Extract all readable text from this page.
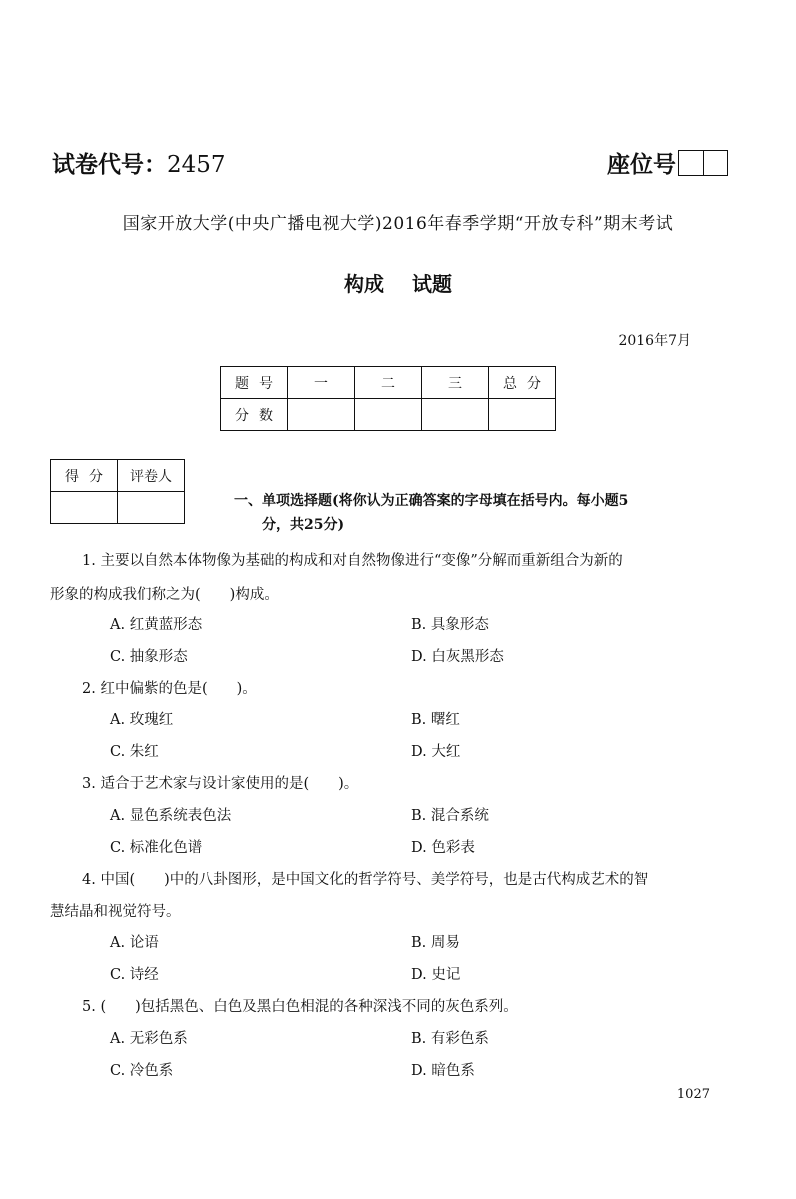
试卷代号：2457	座位号
国家开放大学(中央广播电视大学)2016年春季学期“开放专科”期末考试
构成 试题
2016年7月
题号	一	二	三	总分
分数				
得分	评卷人

一、单项选择题(将你认为正确答案的字母填在括号内。每小题5
分，共25分)
1. 主要以自然本体物像为基础的构成和对自然物像进行“变像”分解而重新组合为新的
形象的构成我们称之为(　　)构成。
A. 红黄蓝形态	B. 具象形态
C. 抽象形态	D. 白灰黑形态
2. 红中偏紫的色是(　　)。
A. 玫瑰红	B. 曙红
C. 朱红	D. 大红
3. 适合于艺术家与设计家使用的是(　　)。
A. 显色系统表色法	B. 混合系统
C. 标准化色谱	D. 色彩表
4. 中国(　　)中的八卦图形，是中国文化的哲学符号、美学符号，也是古代构成艺术的智
慧结晶和视觉符号。
A. 论语	B. 周易
C. 诗经	D. 史记
5. (　　)包括黑色、白色及黑白色相混的各种深浅不同的灰色系列。
A. 无彩色系	B. 有彩色系
C. 冷色系	D. 暗色系
1027
